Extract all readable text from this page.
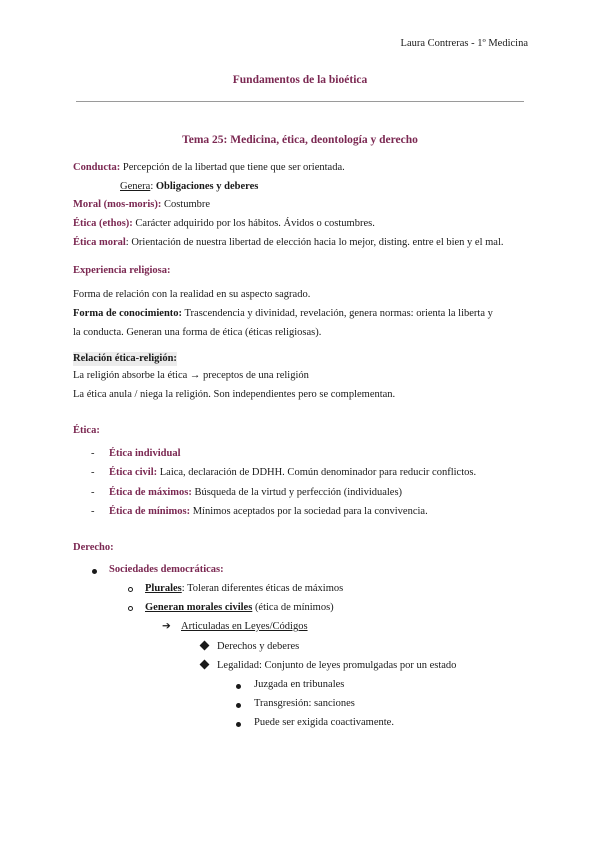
Laura Contreras - 1º Medicina
Fundamentos de la bioética
Tema 25: Medicina, ética, deontología y derecho
Conducta: Percepción de la libertad que tiene que ser orientada.
Genera: Obligaciones y deberes
Moral (mos-moris): Costumbre
Ética (ethos): Carácter adquirido por los hábitos. Ávidos o costumbres.
Ética moral: Orientación de nuestra libertad de elección hacia lo mejor, disting. entre el bien y el mal.
Experiencia religiosa:
Forma de relación con la realidad en su aspecto sagrado.
Forma de conocimiento: Trascendencia y divinidad, revelación, genera normas: orienta la liberta y
la conducta. Generan una forma de ética (éticas religiosas).
Relación ética-religión:
La religión absorbe la ética → preceptos de una religión
La ética anula / niega la religión. Son independientes pero se complementan.
Ética:
- Ética individual
- Ética civil: Laica, declaración de DDHH. Común denominador para reducir conflictos.
- Ética de máximos: Búsqueda de la virtud y perfección (individuales)
- Ética de mínimos: Mínimos aceptados por la sociedad para la convivencia.
Derecho:
Sociedades democráticas:
Plurales: Toleran diferentes éticas de máximos
Generan morales civiles (ética de mínimos)
➔ Articuladas en Leyes/Códigos
Derechos y deberes
Legalidad: Conjunto de leyes promulgadas por un estado
Juzgada en tribunales
Transgresión: sanciones
Puede ser exigida coactivamente.
